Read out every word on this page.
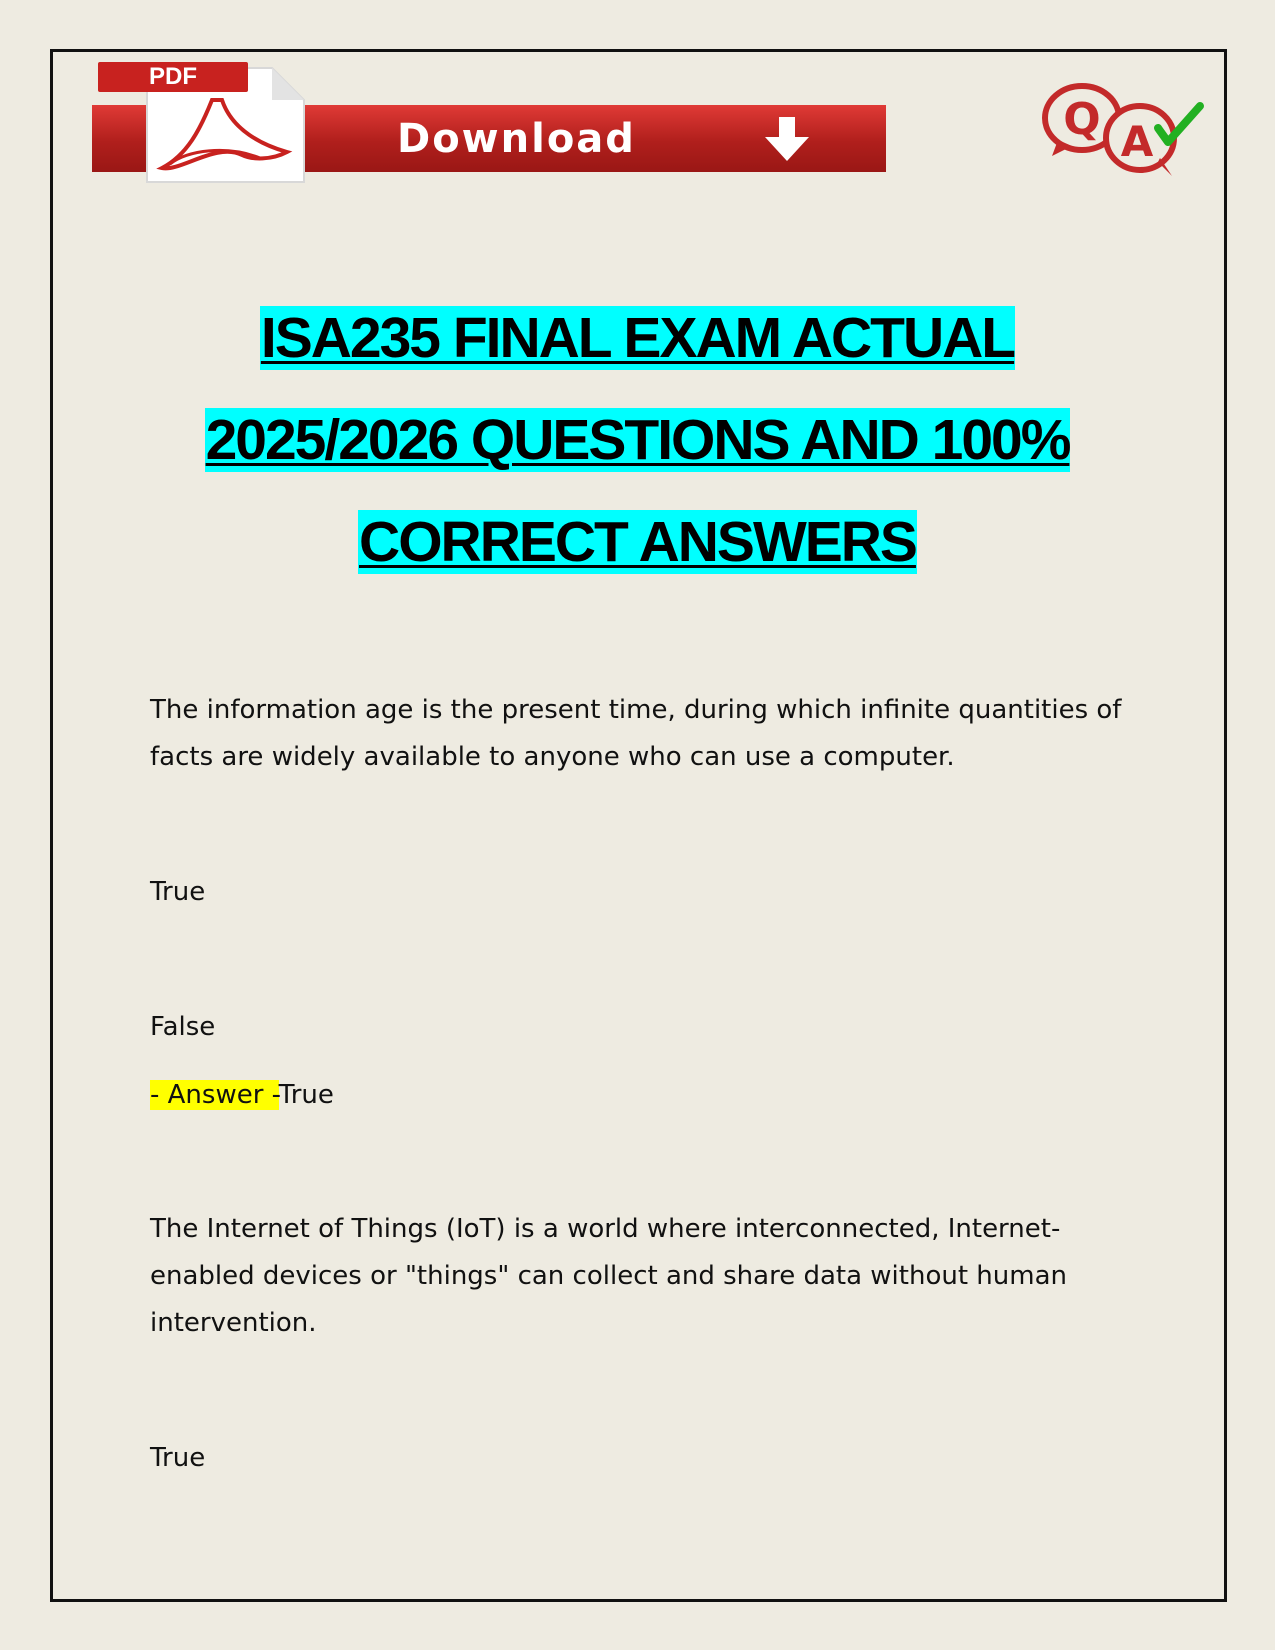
Download
PDF
Q A
ISA235 FINAL EXAM ACTUAL
2025/2026 QUESTIONS AND 100%
CORRECT ANSWERS

The information age is the present time, during which infinite quantities of facts are widely available to anyone who can use a computer.

True

False

- Answer -True

The Internet of Things (IoT) is a world where interconnected, Internet-enabled devices or "things" can collect and share data without human intervention.

True
